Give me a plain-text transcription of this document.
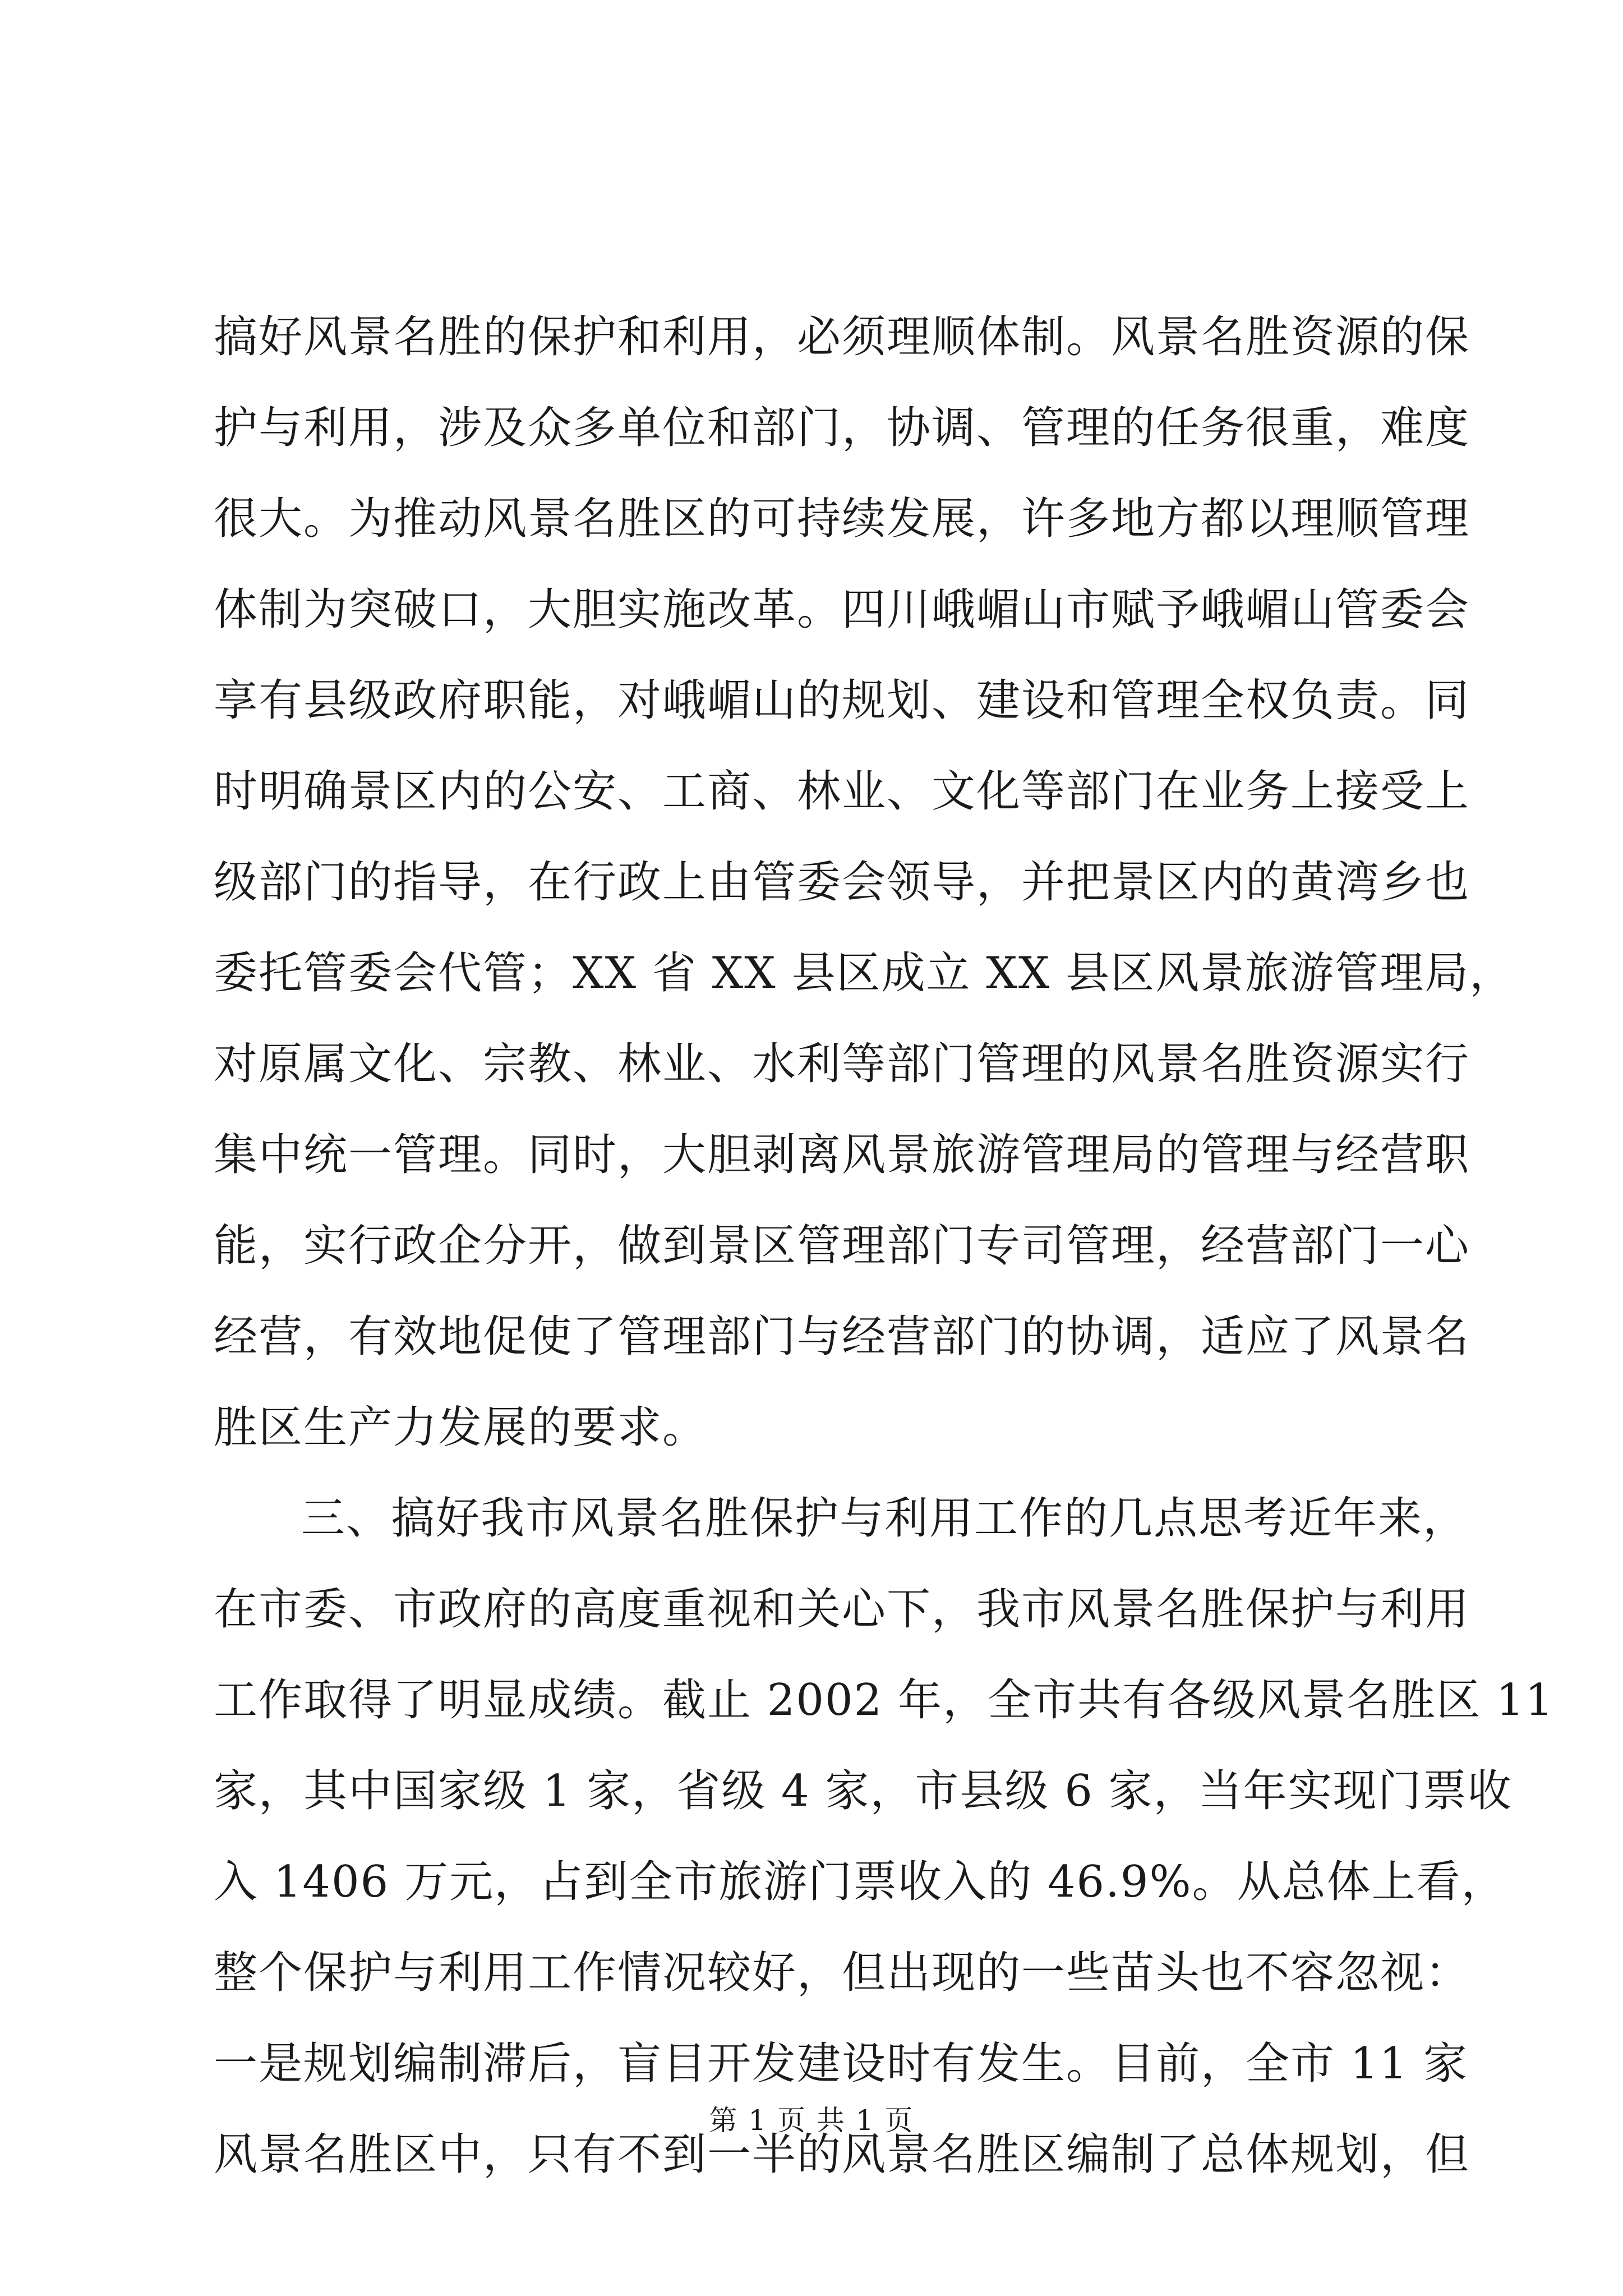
搞好风景名胜的保护和利用，必须理顺体制。风景名胜资源的保
护与利用，涉及众多单位和部门，协调、管理的任务很重，难度
很大。为推动风景名胜区的可持续发展，许多地方都以理顺管理
体制为突破口，大胆实施改革。四川峨嵋山市赋予峨嵋山管委会
享有县级政府职能，对峨嵋山的规划、建设和管理全权负责。同
时明确景区内的公安、工商、林业、文化等部门在业务上接受上
级部门的指导，在行政上由管委会领导，并把景区内的黄湾乡也
委托管委会代管；XX 省 XX 县区成立 XX 县区风景旅游管理局，
对原属文化、宗教、林业、水利等部门管理的风景名胜资源实行
集中统一管理。同时，大胆剥离风景旅游管理局的管理与经营职
能，实行政企分开，做到景区管理部门专司管理，经营部门一心
经营，有效地促使了管理部门与经营部门的协调，适应了风景名
胜区生产力发展的要求。
三、搞好我市风景名胜保护与利用工作的几点思考近年来，
在市委、市政府的高度重视和关心下，我市风景名胜保护与利用
工作取得了明显成绩。截止 2002 年，全市共有各级风景名胜区 11
家，其中国家级 1 家，省级 4 家，市县级 6 家，当年实现门票收
入 1406 万元，占到全市旅游门票收入的 46.9%。从总体上看，
整个保护与利用工作情况较好，但出现的一些苗头也不容忽视：
一是规划编制滞后，盲目开发建设时有发生。目前，全市 11 家
风景名胜区中，只有不到一半的风景名胜区编制了总体规划，但
第 1 页 共 1 页
